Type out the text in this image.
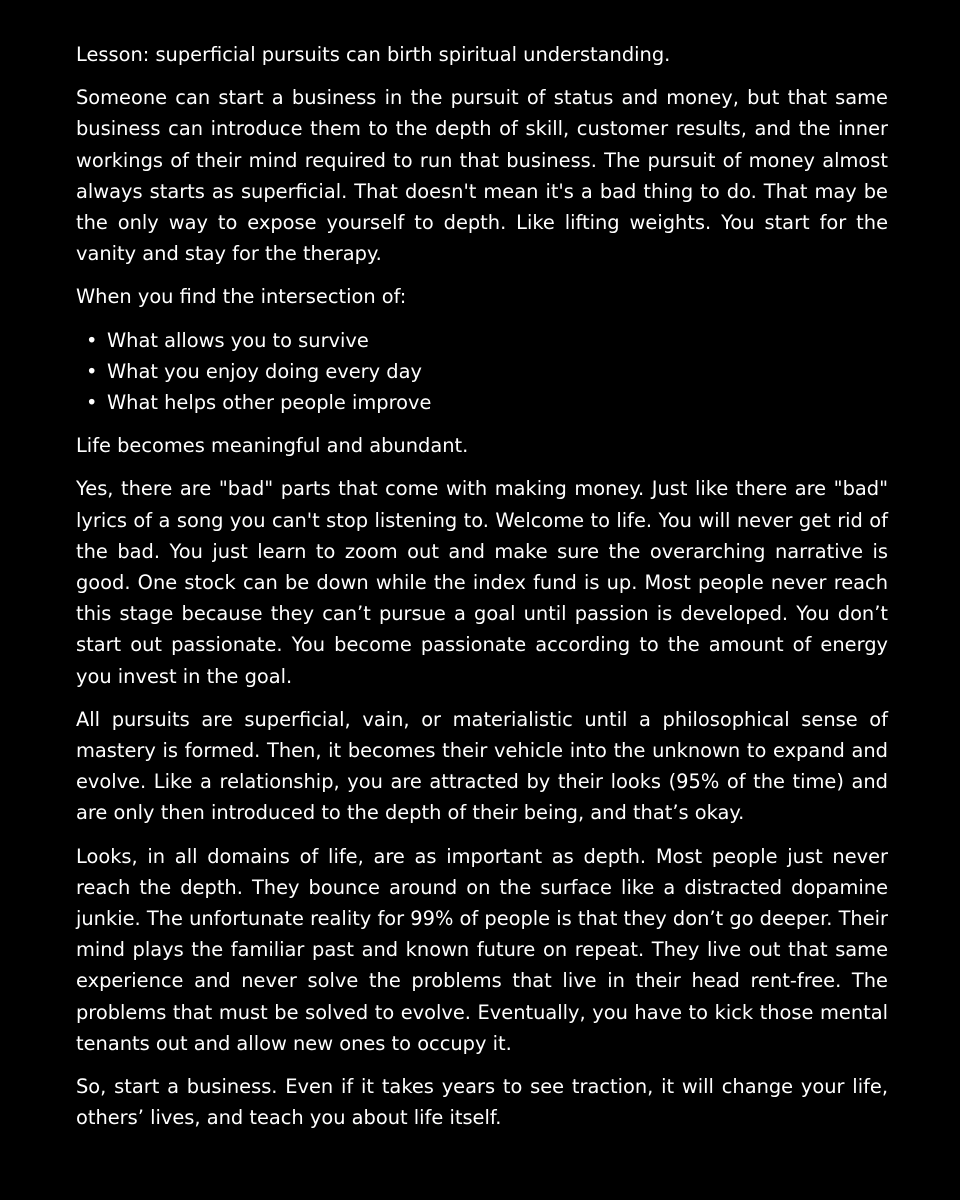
Lesson: superficial pursuits can birth spiritual understanding.

Someone can start a business in the pursuit of status and money, but that same business can introduce them to the depth of skill, customer results, and the inner workings of their mind required to run that business. The pursuit of money almost always starts as superficial. That doesn't mean it's a bad thing to do. That may be the only way to expose yourself to depth. Like lifting weights. You start for the vanity and stay for the therapy.

When you find the intersection of:

• What allows you to survive
• What you enjoy doing every day
• What helps other people improve

Life becomes meaningful and abundant.

Yes, there are "bad" parts that come with making money. Just like there are "bad" lyrics of a song you can't stop listening to. Welcome to life. You will never get rid of the bad. You just learn to zoom out and make sure the overarching narrative is good. One stock can be down while the index fund is up. Most people never reach this stage because they can’t pursue a goal until passion is developed. You don’t start out passionate. You become passionate according to the amount of energy you invest in the goal.

All pursuits are superficial, vain, or materialistic until a philosophical sense of mastery is formed. Then, it becomes their vehicle into the unknown to expand and evolve. Like a relationship, you are attracted by their looks (95% of the time) and are only then introduced to the depth of their being, and that’s okay.

Looks, in all domains of life, are as important as depth. Most people just never reach the depth. They bounce around on the surface like a distracted dopamine junkie. The unfortunate reality for 99% of people is that they don’t go deeper. Their mind plays the familiar past and known future on repeat. They live out that same experience and never solve the problems that live in their head rent-free. The problems that must be solved to evolve. Eventually, you have to kick those mental tenants out and allow new ones to occupy it.

So, start a business. Even if it takes years to see traction, it will change your life, others’ lives, and teach you about life itself.
